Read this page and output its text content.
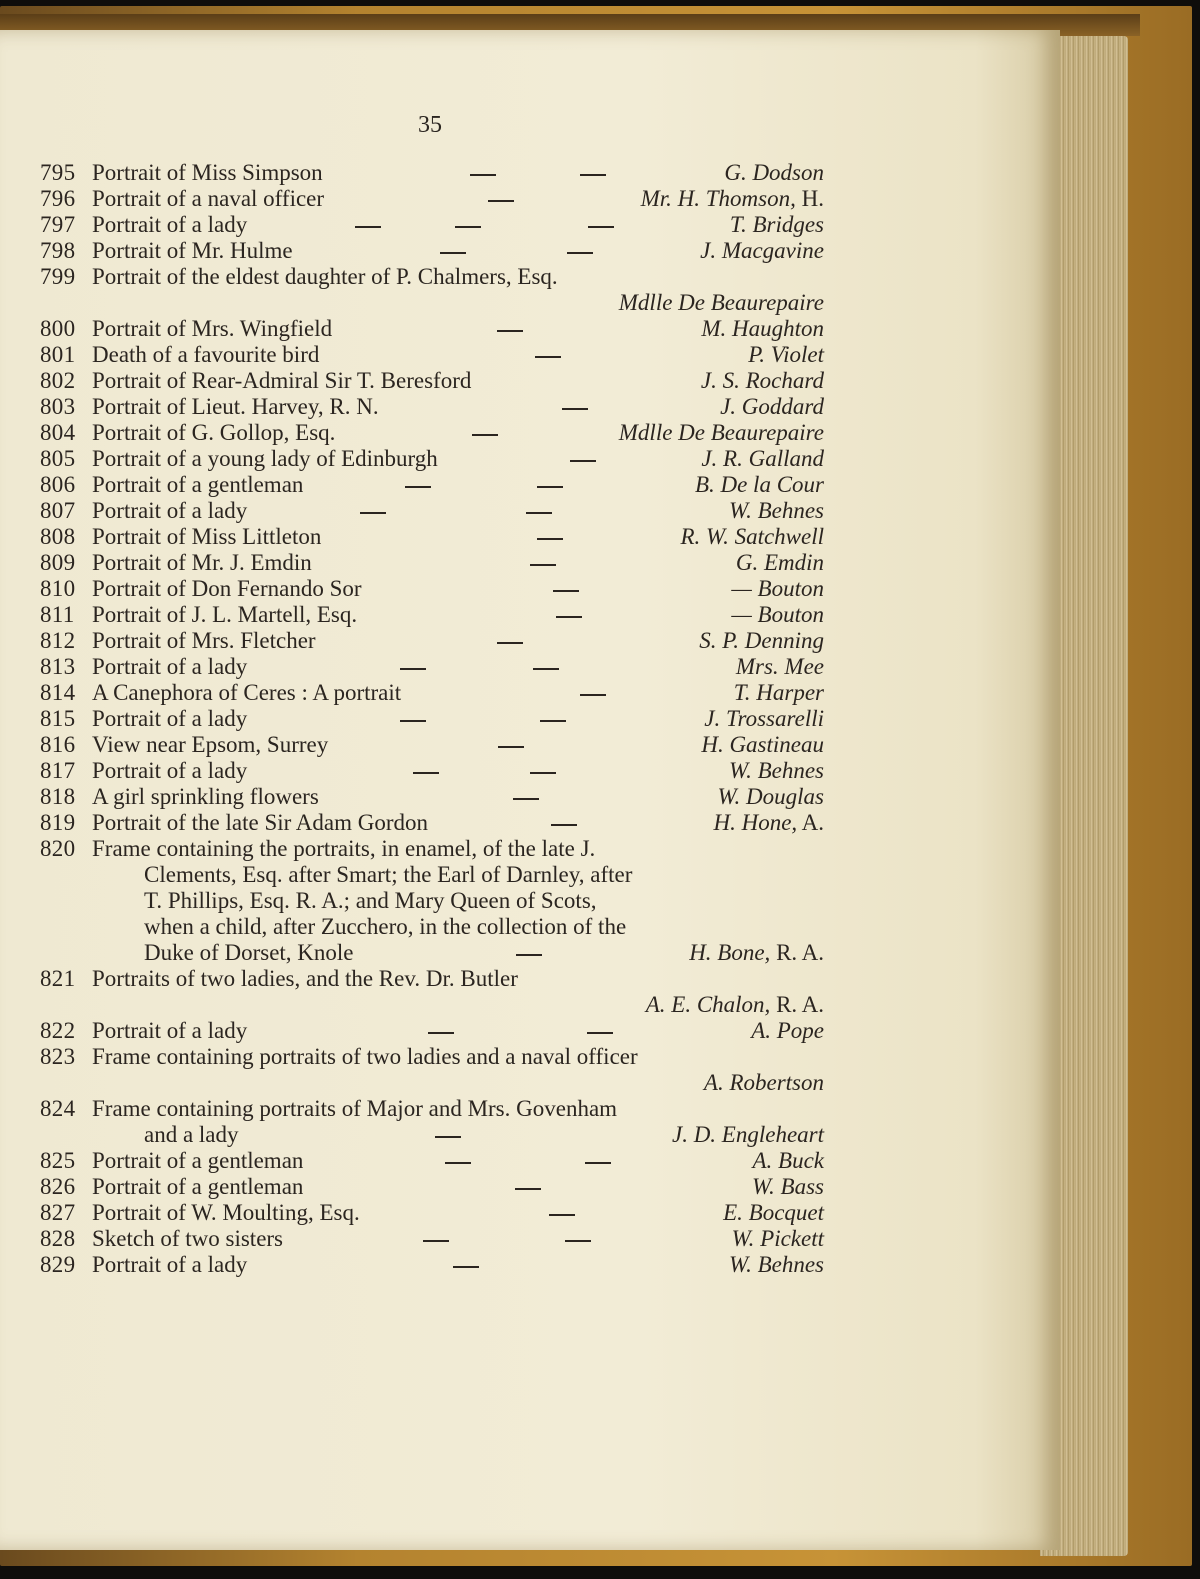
35
795 Portrait of Miss Simpson	G. Dodson
796 Portrait of a naval officer	Mr. H. Thomson, H.
797 Portrait of a lady	T. Bridges
798 Portrait of Mr. Hulme	J. Macgavine
799 Portrait of the eldest daughter of P. Chalmers, Esq.
Mdlle De Beaurepaire
800 Portrait of Mrs. Wingfield	M. Haughton
801 Death of a favourite bird	P. Violet
802 Portrait of Rear-Admiral Sir T. Beresford	J. S. Rochard
803 Portrait of Lieut. Harvey, R. N.	J. Goddard
804 Portrait of G. Gollop, Esq.	Mdlle De Beaurepaire
805 Portrait of a young lady of Edinburgh	J. R. Galland
806 Portrait of a gentleman	B. De la Cour
807 Portrait of a lady	W. Behnes
808 Portrait of Miss Littleton	R. W. Satchwell
809 Portrait of Mr. J. Emdin	G. Emdin
810 Portrait of Don Fernando Sor	— Bouton
811 Portrait of J. L. Martell, Esq.	— Bouton
812 Portrait of Mrs. Fletcher	S. P. Denning
813 Portrait of a lady	Mrs. Mee
814 A Canephora of Ceres : A portrait	T. Harper
815 Portrait of a lady	J. Trossarelli
816 View near Epsom, Surrey	H. Gastineau
817 Portrait of a lady	W. Behnes
818 A girl sprinkling flowers	W. Douglas
819 Portrait of the late Sir Adam Gordon	H. Hone, A.
820 Frame containing the portraits, in enamel, of the late J.
Clements, Esq. after Smart; the Earl of Darnley, after
T. Phillips, Esq. R. A.; and Mary Queen of Scots,
when a child, after Zucchero, in the collection of the
Duke of Dorset, Knole	H. Bone, R. A.
821 Portraits of two ladies, and the Rev. Dr. Butler
A. E. Chalon, R. A.
822 Portrait of a lady	A. Pope
823 Frame containing portraits of two ladies and a naval officer
A. Robertson
824 Frame containing portraits of Major and Mrs. Govenham
and a lady	J. D. Engleheart
825 Portrait of a gentleman	A. Buck
826 Portrait of a gentleman	W. Bass
827 Portrait of W. Moulting, Esq.	E. Bocquet
828 Sketch of two sisters	W. Pickett
829 Portrait of a lady	W. Behnes
